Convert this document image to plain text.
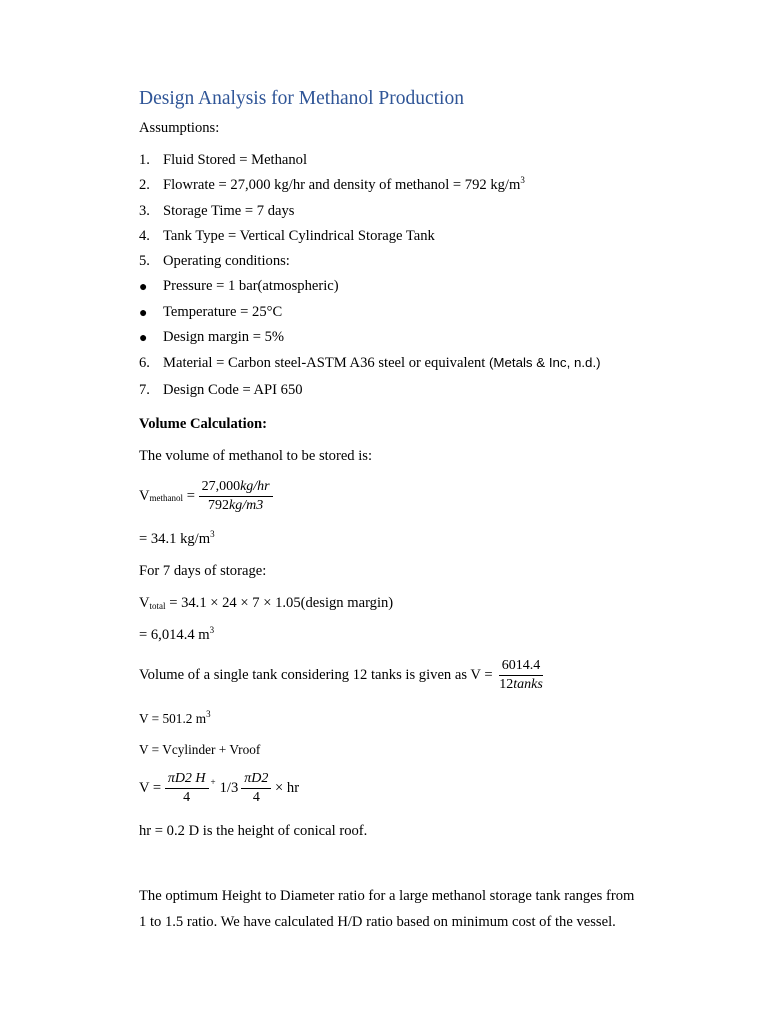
Design Analysis for Methanol Production
Assumptions:
1. Fluid Stored = Methanol
2. Flowrate = 27,000 kg/hr and density of methanol = 792 $kg/m^3$
3. Storage Time = 7 days
4. Tank Type = Vertical Cylindrical Storage Tank
5. Operating conditions:
● Pressure = 1 bar(atmospheric)
● Temperature = 25°C
● Design margin = 5%
6. Material = Carbon steel-ASTM A36 steel or equivalent (Metals & Inc, n.d.)
7. Design Code = API 650
Volume Calculation:
The volume of methanol to be stored is:
V methanol = $\frac{27,000kg/hr}{792kg/m3}$
= 34.1 $kg/m^3$
For 7 days of storage:
Vtotal = 34.1 × 24 × 7 × 1.05(design margin)
= 6,014.4 $m^3$
Volume of a single tank considering 12 tanks is given as $V = \frac{6014.4}{\text{12tanks}}$
V = 501.2 $m^3$
V = Vcylinder + Vroof
$V = \frac{\pi D2 H}{4} + 1/3 \frac{\pi D2}{4}$ × hr
hr = 0.2 D is the height of conical roof.
The optimum Height to Diameter ratio for a large methanol storage tank ranges from
1 to 1.5 ratio. We have calculated H/D ratio based on minimum cost of the vessel.
